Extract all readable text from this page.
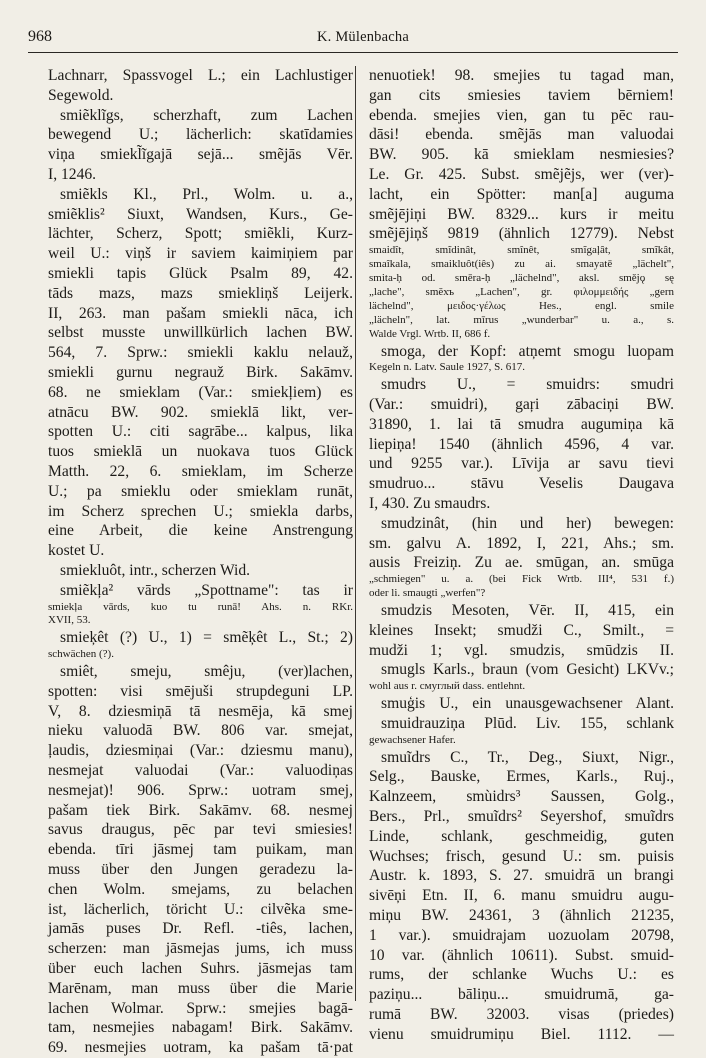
968	K. Mülenbacha
Lachnarr, Spassvogel L.; ein Lachlustiger
Segewold.
smiẽklĩgs, scherzhaft, zum Lachen
bewegend U.; lächerlich: skatīdamies
viņa smiekl̃ĩgajā sejā... smẽjās Vēr.
I, 1246.
smiẽkls Kl., Prl., Wolm. u. a.,
smiẽklis² Siuxt, Wandsen, Kurs., Ge-
lächter, Scherz, Spott; smiẽkli, Kurz-
weil U.: viņš ir saviem kaimiņiem par
smiekli tapis Glück Psalm 89, 42.
tāds mazs, mazs smiekliņš Leijerk.
II, 263. man pašam smiekli nāca, ich
selbst musste unwillkürlich lachen BW.
564, 7. Sprw.: smiekli kaklu nelauž,
smiekli gurnu negrauž Birk. Sakāmv.
68. ne smieklam (Var.: smiekļiem) es
atnācu BW. 902. smieklā likt, ver-
spotten U.: citi sagrābe... kalpus, lika
tuos smieklā un nuokava tuos Glück
Matth. 22, 6. smieklam, im Scherze
U.; pa smieklu oder smieklam runāt,
im Scherz sprechen U.; smiekla darbs,
eine Arbeit, die keine Anstrengung
kostet U.
smiekluôt, intr., scherzen Wid.
smiẽkļa² vārds „Spottname": tas ir
smiekļa vārds, kuo tu runā! Ahs. n. RKr.
XVII, 53.
smieķêt (?) U., 1) = smẽķêt L., St.; 2)
schwächen (?).
smiêt, smeju, smêju, (ver)lachen,
spotten: visi smējuši strupdeguni LP.
V, 8. dziesmiņā tā nesmēja, kā smej
nieku valuodā BW. 806 var. smejat,
ļaudis, dziesmiņai (Var.: dziesmu manu),
nesmejat valuodai (Var.: valuodiņas
nesmejat)! 906. Sprw.: uotram smej,
pašam tiek Birk. Sakāmv. 68. nesmej
savus draugus, pēc par tevi smiesies!
ebenda. tīri jāsmej tam puikam, man
muss über den Jungen geradezu la-
chen Wolm. smejams, zu belachen
ist, lächerlich, töricht U.: cilvẽka sme-
jamās puses Dr. Refl. -tiês, lachen,
scherzen: man jāsmejas jums, ich muss
über euch lachen Suhrs. jāsmejas tam
Marēnam, man muss über die Marie
lachen Wolmar. Sprw.: smejies bagā-
tam, nesmejies nabagam! Birk. Sakāmv.
69. nesmejies uotram, ka pašam tā·pat
nenuotiek! 98. smejies tu tagad man,
gan cits smiesies taviem bērniem!
ebenda. smejies vien, gan tu pēc rau-
dāsi! ebenda. smẽjās man valuodai
BW. 905. kā smieklam nesmiesies?
Le. Gr. 425. Subst. smẽjẽjs, wer (ver)-
lacht, ein Spötter: man[a] auguma
smẽjējiņi BW. 8329... kurs ir meitu
smẽjējiņš 9819 (ähnlich 12779). Nebst
smaidît, smĩdinât, smînêt, smĩgaļât, smĩkât,
smaîkala, smaikluôt(iês) zu ai. smayatē „lächelt",
smita-ḥ od. smēra-ḥ „lächelnd", aksl. smějǫ sę
„lache", smĕхъ „Lachen", gr. φιλομμειδής „gern
lächelnd", μειδος·γέλως Hes., engl. smile
„lächeln", lat. mīrus „wunderbar" u. a., s.
Walde Vrgl. Wrtb. II, 686 f.
smoga, der Kopf: atņemt smogu luopam
Kegeln n. Latv. Saule 1927, S. 617.
smudrs U., = smuidrs: smudri
(Var.: smuidri), gaŗi zābaciņi BW.
31890, 1. lai tā smudra augumiņa kā
liepiņa! 1540 (ähnlich 4596, 4 var.
und 9255 var.). Līvija ar savu tievi
smudruo... stāvu Veselis Daugava
I, 430. Zu smaudrs.
smudzinât, (hin und her) bewegen:
sm. galvu A. 1892, I, 221, Ahs.; sm.
ausis Freiziņ. Zu ae. smūgan, an. smūga
„schmiegen" u. a. (bei Fick Wrtb. III⁴, 531 f.)
oder li. smaugti „werfen"?
smudzis Mesoten, Vēr. II, 415, ein
kleines Insekt; smudži C., Smilt., =
mudži 1; vgl. smudzis, smūdzis II.
smugls Karls., braun (vom Gesicht) LKVv.;
wohl aus r. смуглый dass. entlehnt.
smuģis U., ein unausgewachsener Alant.
smuidrauziņa Plūd. Liv. 155, schlank
gewachsener Hafer.
smuĩdrs C., Tr., Deg., Siuxt, Nigr.,
Selg., Bauske, Ermes, Karls., Ruj.,
Kalnzeem, smùidrs³ Saussen, Golg.,
Bers., Prl., smuĩdrs² Seyershof, smuĩdrs
Linde, schlank, geschmeidig, guten
Wuchses; frisch, gesund U.: sm. puisis
Austr. k. 1893, S. 27. smuidrā un brangi
sivēņi Etn. II, 6. manu smuidru augu-
miņu BW. 24361, 3 (ähnlich 21235,
1 var.). smuidrajam uozuolam 20798,
10 var. (ähnlich 10611). Subst. smuid-
rums, der schlanke Wuchs U.: es
paziņu... bāliņu... smuidrumā, ga-
rumā BW. 32003. visas (priedes)
vienu smuidrumiņu Biel. 1112. —
